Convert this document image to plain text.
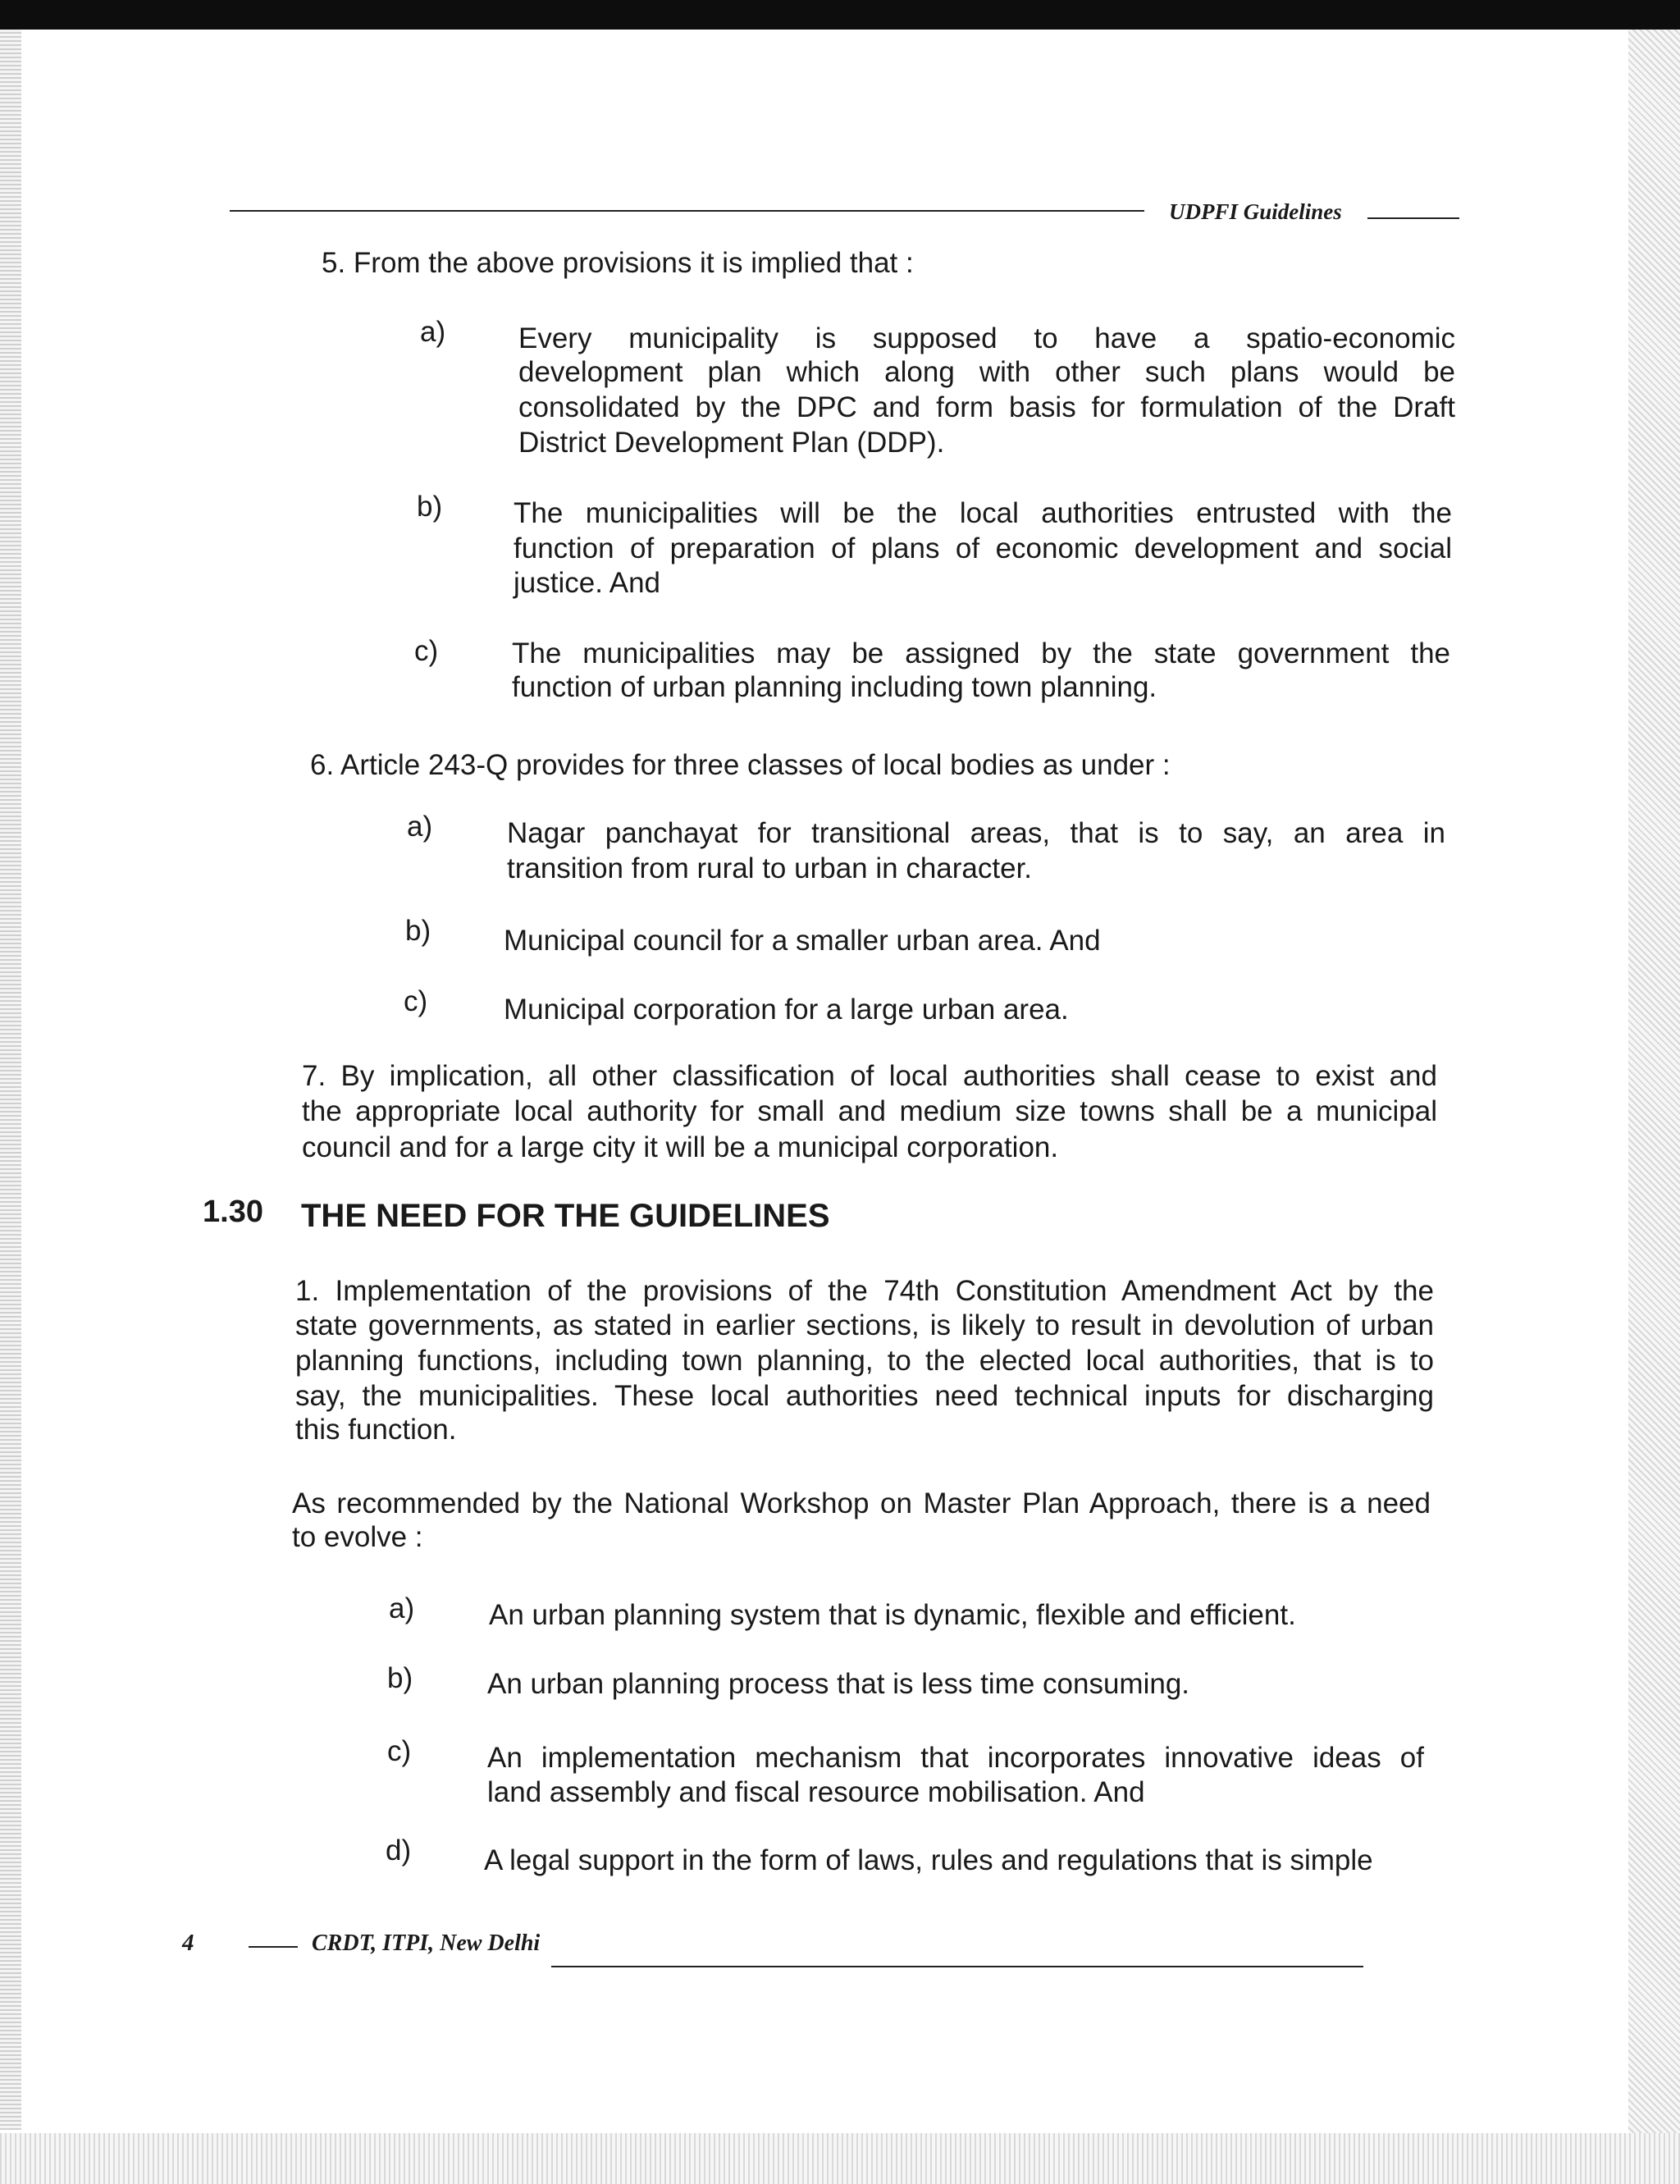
UDPFI Guidelines
5. From the above provisions it is implied that :
a)	Every municipality is supposed to have a spatio-economic
development plan which along with other such plans would be
consolidated by the DPC and form basis for formulation of the Draft
District Development Plan (DDP).
b) The municipalities will be the local authorities entrusted with the
function of preparation of plans of economic development and social
justice. And
c)	The municipalities may be assigned by the state government the
function of urban planning including town planning.
6. Article 243-Q provides for three classes of local bodies as under :
a)	Nagar panchayat for transitional areas, that is to say, an area in
transition from rural to urban in character.
b)	Municipal council for a smaller urban area. And
c)	Municipal corporation for a large urban area.
7. By implication, all other classification of local authorities shall cease to exist and
the appropriate local authority for small and medium size towns shall be a municipal
council and for a large city it will be a municipal corporation.
1.30 THE NEED FOR THE GUIDELINES
1. Implementation of the provisions of the 74th Constitution Amendment Act by the
state governments, as stated in earlier sections, is likely to result in devolution of urban
planning functions, including town planning, to the elected local authorities, that is to
say, the municipalities. These local authorities need technical inputs for discharging
this function.
As recommended by the National Workshop on Master Plan Approach, there is a need
to evolve :
a)	An urban planning system that is dynamic, flexible and efficient.
b)	An urban planning process that is less time consuming.
c)	An implementation mechanism that incorporates innovative ideas of
land assembly and fiscal resource mobilisation. And
d)	A legal support in the form of laws, rules and regulations that is simple
4	CRDT, ITPI, New Delhi
